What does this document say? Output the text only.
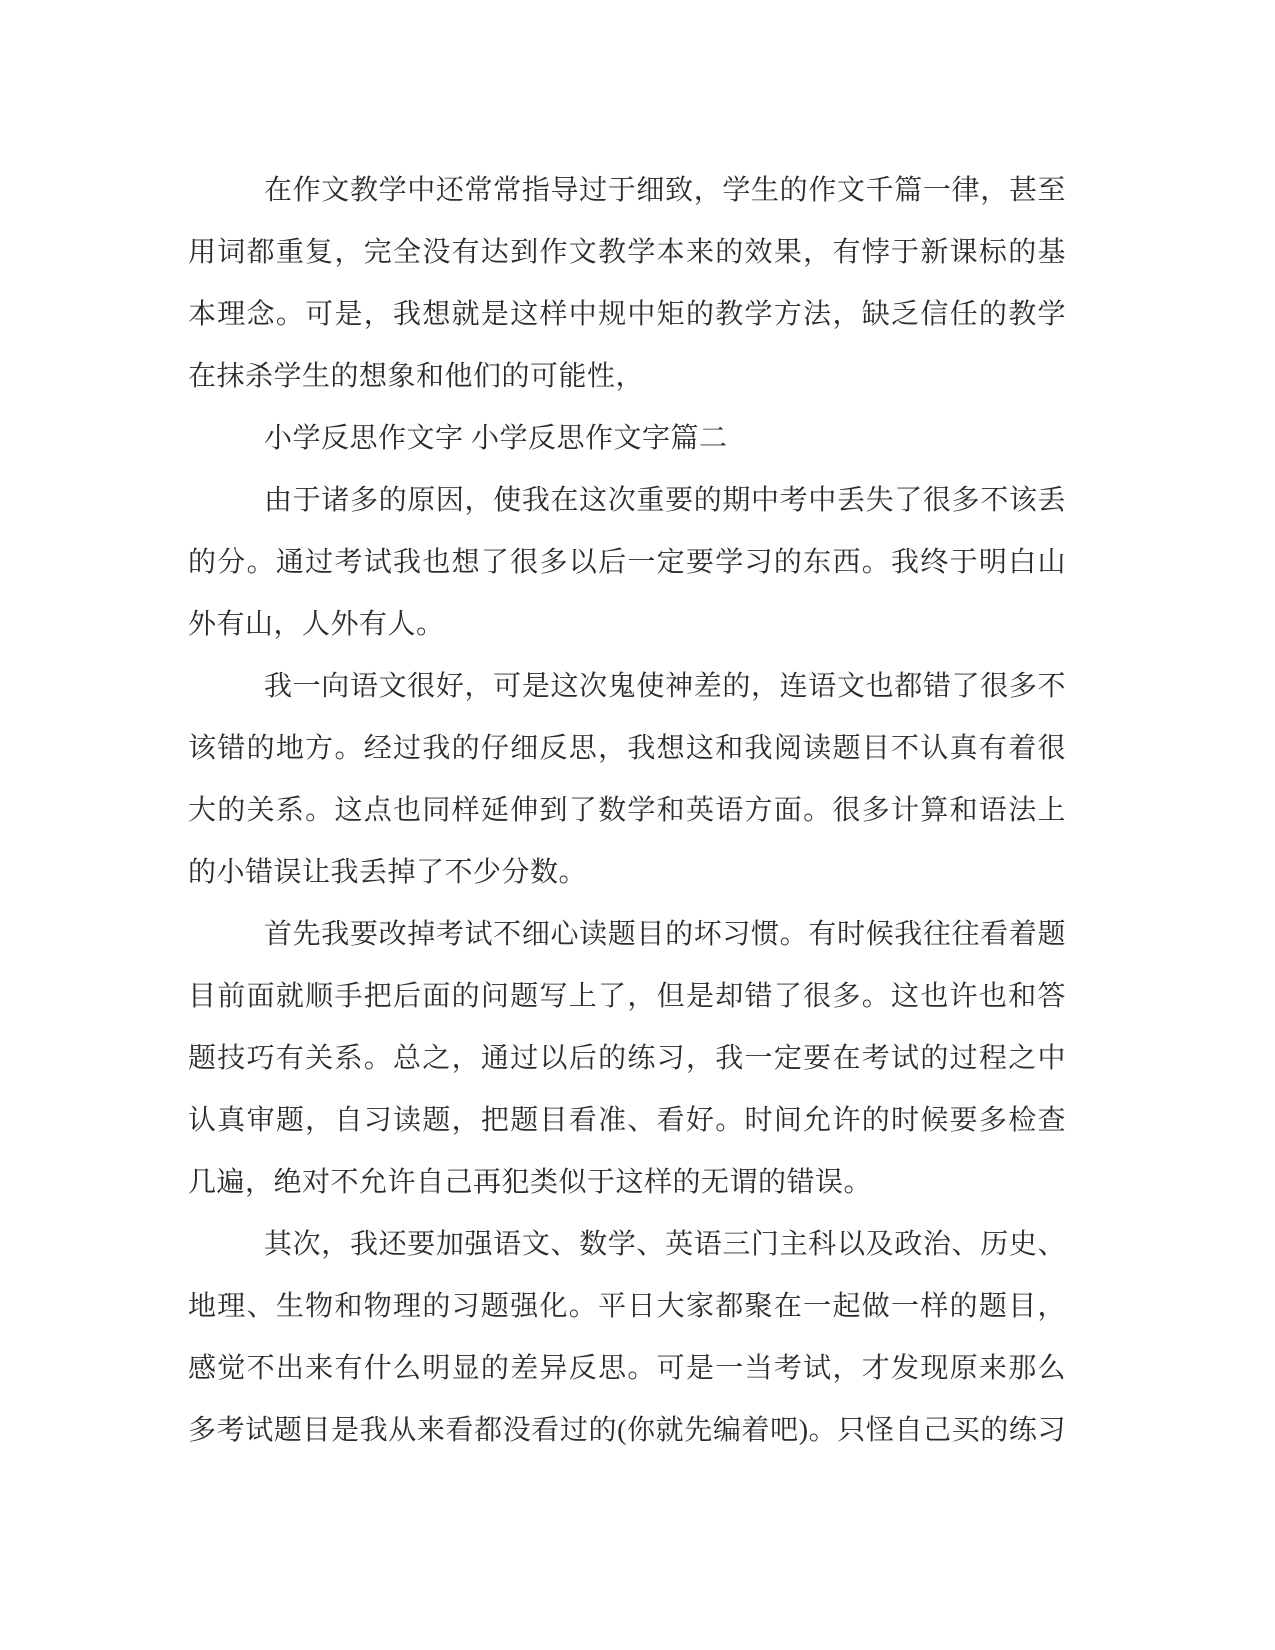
在作文教学中还常常指导过于细致，学生的作文千篇一律，甚至
用词都重复，完全没有达到作文教学本来的效果，有悖于新课标的基
本理念。可是，我想就是这样中规中矩的教学方法，缺乏信任的教学
在抹杀学生的想象和他们的可能性，
小学反思作文字 小学反思作文字篇二
由于诸多的原因，使我在这次重要的期中考中丢失了很多不该丢
的分。通过考试我也想了很多以后一定要学习的东西。我终于明白山
外有山，人外有人。
我一向语文很好，可是这次鬼使神差的，连语文也都错了很多不
该错的地方。经过我的仔细反思，我想这和我阅读题目不认真有着很
大的关系。这点也同样延伸到了数学和英语方面。很多计算和语法上
的小错误让我丢掉了不少分数。
首先我要改掉考试不细心读题目的坏习惯。有时候我往往看着题
目前面就顺手把后面的问题写上了，但是却错了很多。这也许也和答
题技巧有关系。总之，通过以后的练习，我一定要在考试的过程之中
认真审题，自习读题，把题目看准、看好。时间允许的时候要多检查
几遍，绝对不允许自己再犯类似于这样的无谓的错误。
其次，我还要加强语文、数学、英语三门主科以及政治、历史、
地理、生物和物理的习题强化。平日大家都聚在一起做一样的题目，
感觉不出来有什么明显的差异反思。可是一当考试，才发现原来那么
多考试题目是我从来看都没看过的(你就先编着吧)。只怪自己买的练习
